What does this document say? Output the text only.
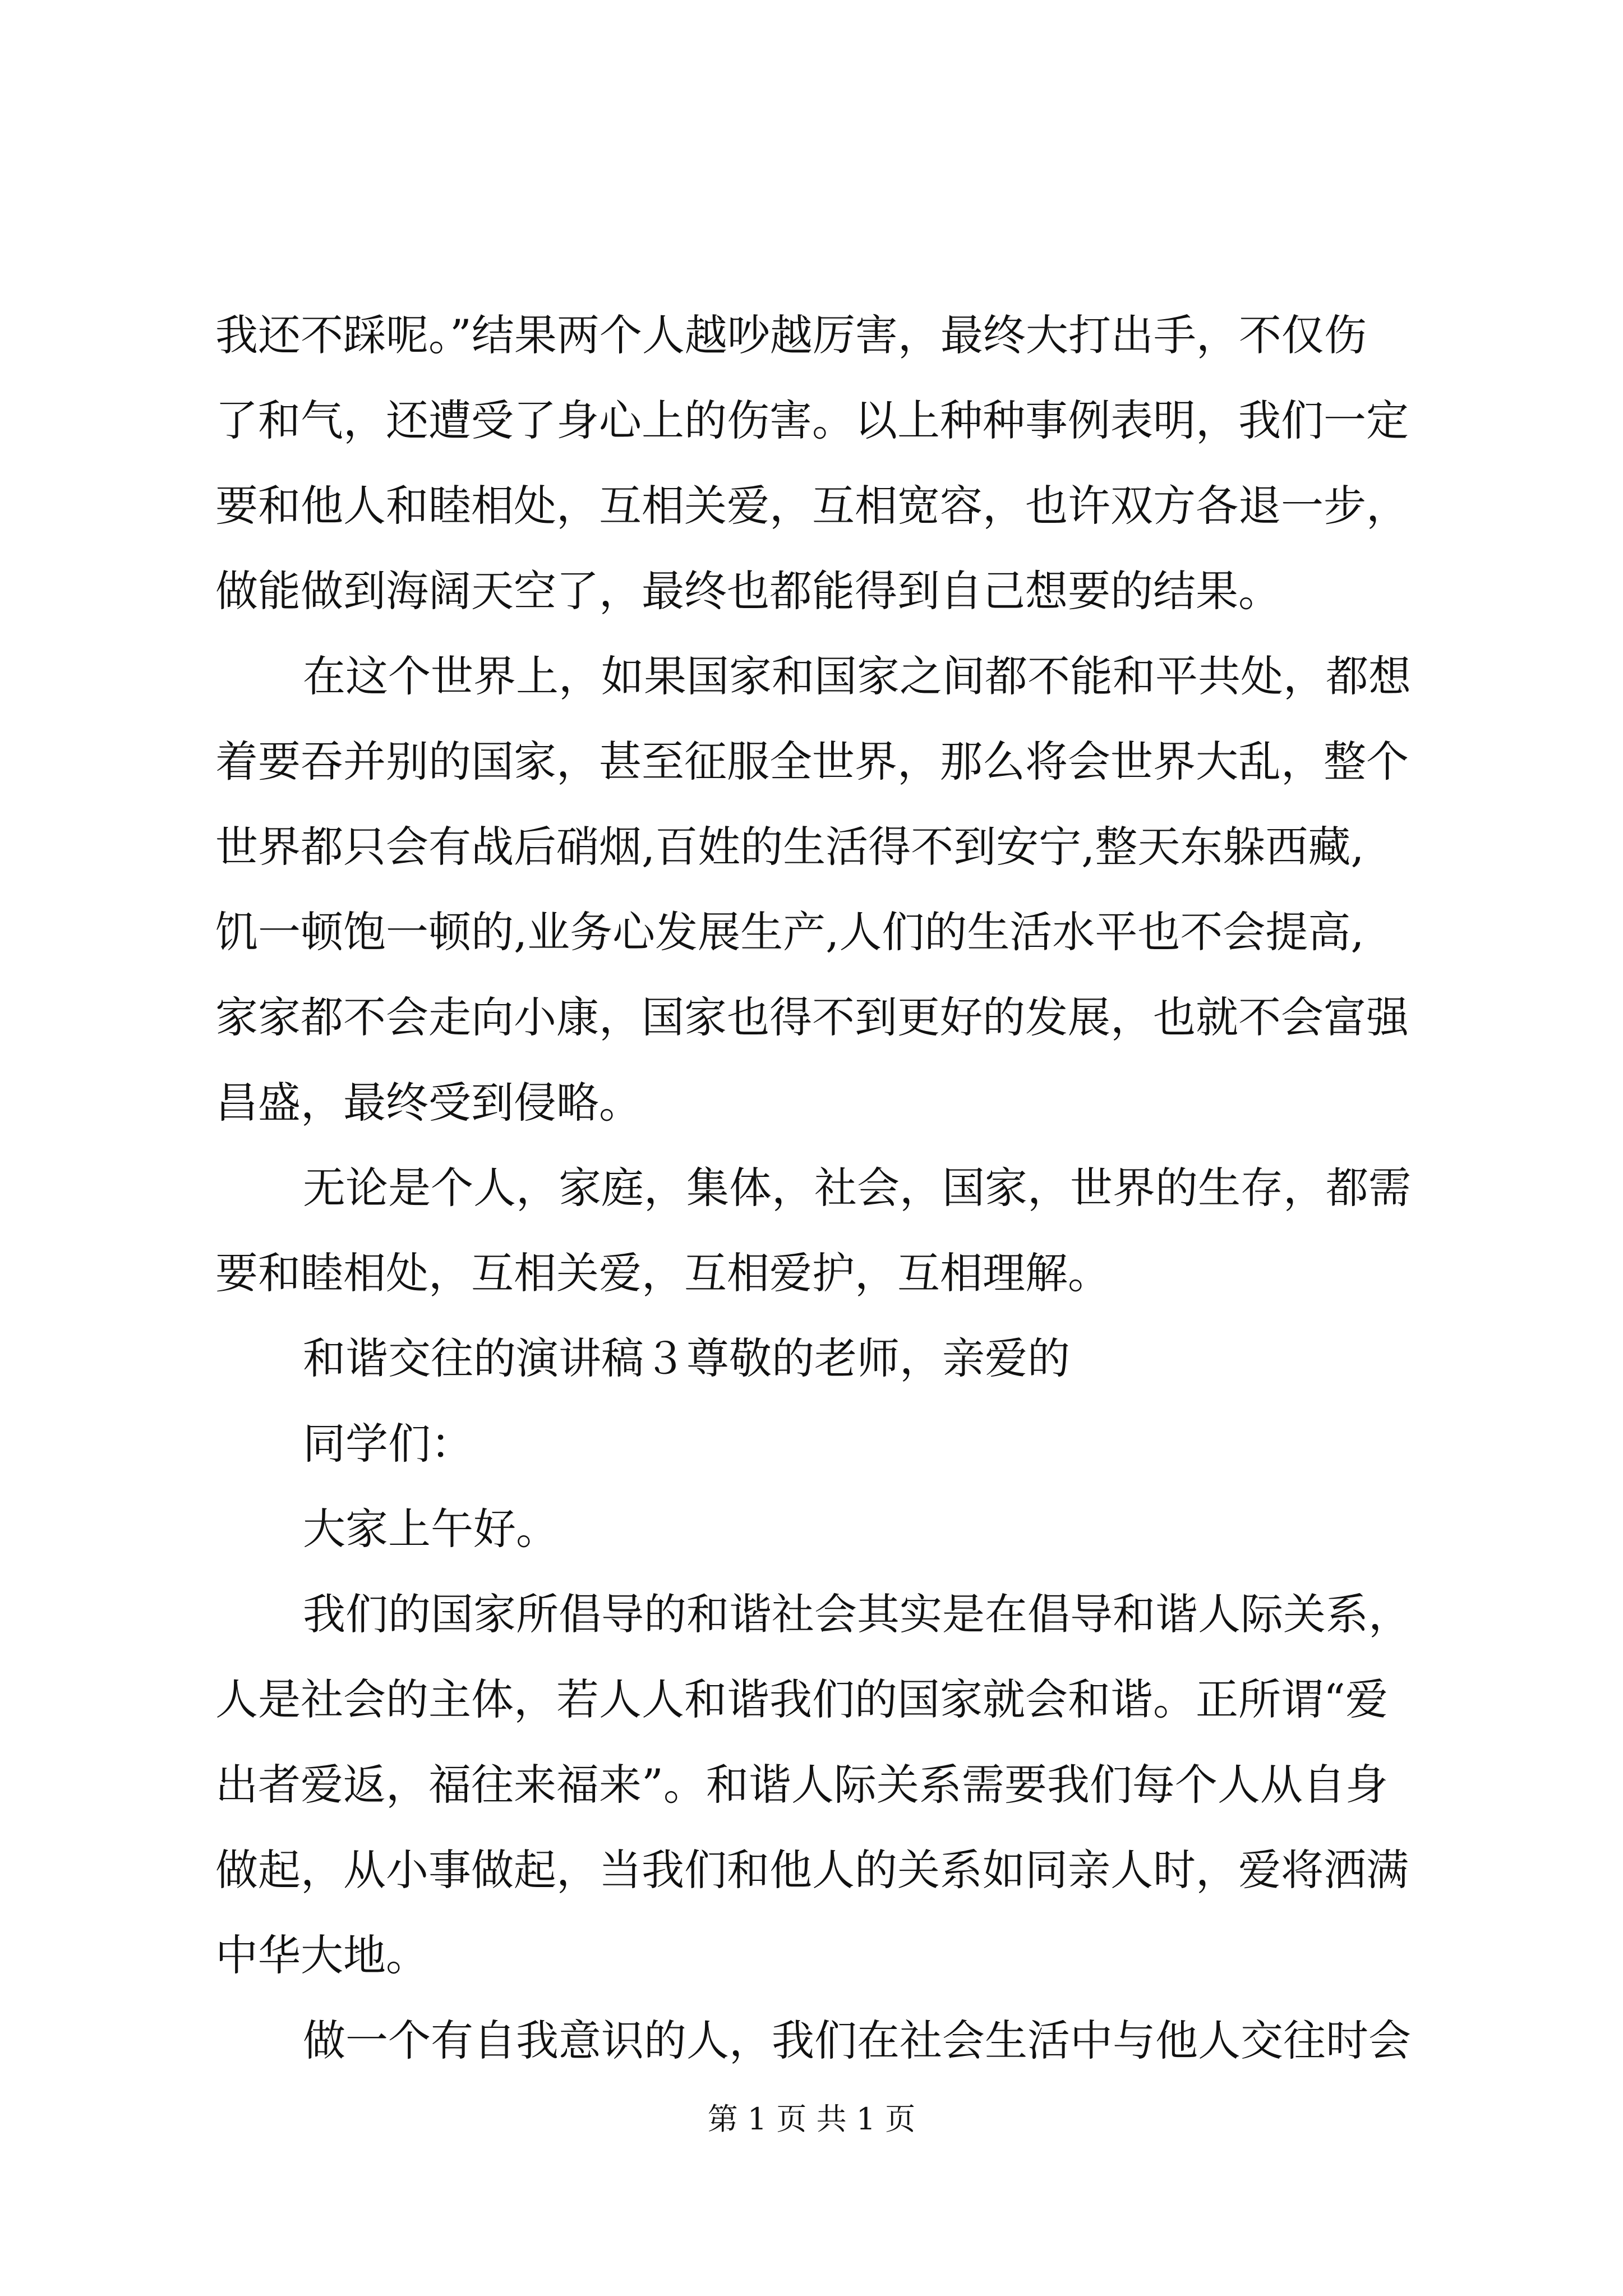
我还不踩呢。”结果两个人越吵越厉害，最终大打出手，不仅伤
了和气，还遭受了身心上的伤害。以上种种事例表明，我们一定
要和他人和睦相处，互相关爱，互相宽容，也许双方各退一步，
做能做到海阔天空了，最终也都能得到自己想要的结果。
在这个世界上，如果国家和国家之间都不能和平共处，都想
着要吞并别的国家，甚至征服全世界，那么将会世界大乱，整个
世界都只会有战后硝烟,百姓的生活得不到安宁,整天东躲西藏,
饥一顿饱一顿的,业务心发展生产,人们的生活水平也不会提高,
家家都不会走向小康，国家也得不到更好的发展，也就不会富强
昌盛，最终受到侵略。
无论是个人，家庭，集体，社会，国家，世界的生存，都需
要和睦相处，互相关爱，互相爱护，互相理解。
和谐交往的演讲稿３尊敬的老师，亲爱的
同学们：
大家上午好。
我们的国家所倡导的和谐社会其实是在倡导和谐人际关系，
人是社会的主体，若人人和谐我们的国家就会和谐。正所谓“爱
出者爱返，福往来福来”。和谐人际关系需要我们每个人从自身
做起，从小事做起，当我们和他人的关系如同亲人时，爱将洒满
中华大地。
做一个有自我意识的人，我们在社会生活中与他人交往时会
第 1 页 共 1 页
